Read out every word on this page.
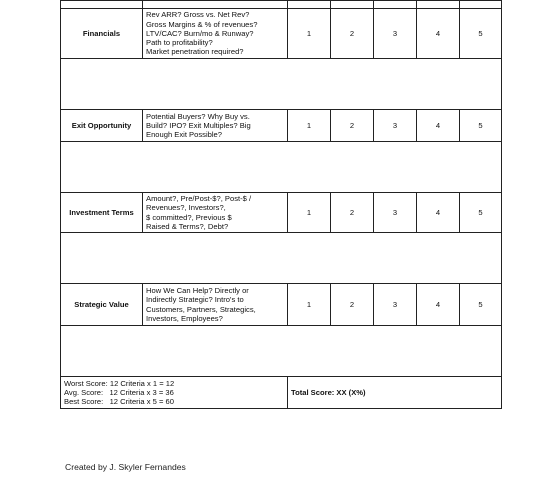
Financials	Rev ARR? Gross vs. Net Rev?
Gross Margins & % of revenues?
LTV/CAC? Burn/mo & Runway?
Path to profitability?
Market penetration required?	1	2	3	4	5

Exit Opportunity	Potential Buyers? Why Buy vs.
Build? IPO? Exit Multiples? Big
Enough Exit Possible?	1	2	3	4	5

Investment Terms	Amount?, Pre/Post-$?, Post-$ /
Revenues?, Investors?,
$ committed?, Previous $
Raised & Terms?, Debt?	1	2	3	4	5

Strategic Value	How We Can Help? Directly or
Indirectly Strategic? Intro's to
Customers, Partners, Strategics,
Investors, Employees?	1	2	3	4	5

Worst Score: 12 Criteria x 1 = 12
Avg. Score:   12 Criteria x 3 = 36
Best Score:   12 Criteria x 5 = 60		Total Score: XX (X%)				
Created by J. Skyler Fernandes
